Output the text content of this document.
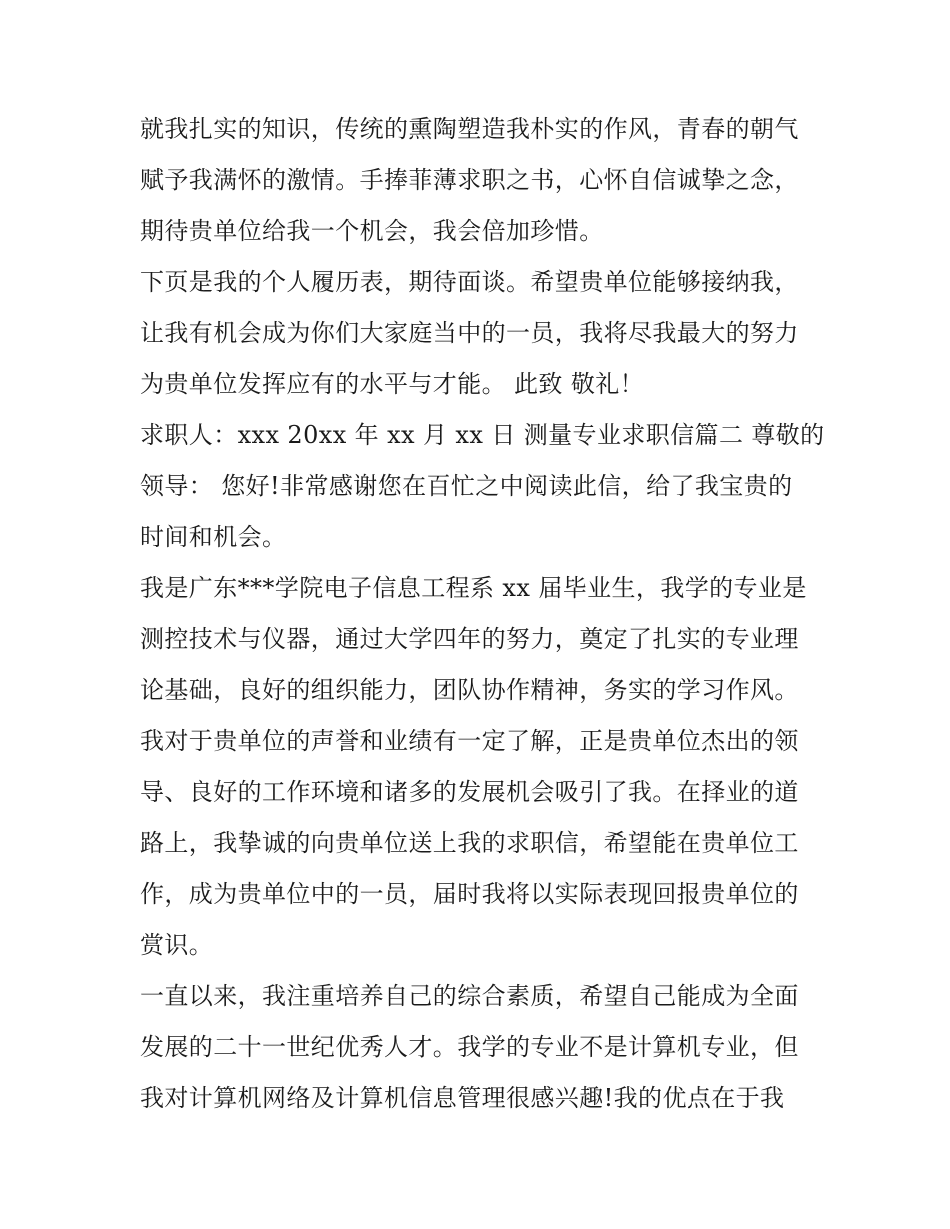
就我扎实的知识，传统的熏陶塑造我朴实的作风，青春的朝气
赋予我满怀的激情。手捧菲薄求职之书，心怀自信诚挚之念，
期待贵单位给我一个机会，我会倍加珍惜。
下页是我的个人履历表，期待面谈。希望贵单位能够接纳我，
让我有机会成为你们大家庭当中的一员，我将尽我最大的努力
为贵单位发挥应有的水平与才能。 此致 敬礼！
求职人：xxx 20xx 年 xx 月 xx 日 测量专业求职信篇二 尊敬的
领导： 您好!非常感谢您在百忙之中阅读此信，给了我宝贵的
时间和机会。
我是广东***学院电子信息工程系 xx 届毕业生，我学的专业是
测控技术与仪器，通过大学四年的努力，奠定了扎实的专业理
论基础，良好的组织能力，团队协作精神，务实的学习作风。
我对于贵单位的声誉和业绩有一定了解，正是贵单位杰出的领
导、良好的工作环境和诸多的发展机会吸引了我。在择业的道
路上，我挚诚的向贵单位送上我的求职信，希望能在贵单位工
作，成为贵单位中的一员，届时我将以实际表现回报贵单位的
赏识。
一直以来，我注重培养自己的综合素质，希望自己能成为全面
发展的二十一世纪优秀人才。我学的专业不是计算机专业，但
我对计算机网络及计算机信息管理很感兴趣!我的优点在于我
